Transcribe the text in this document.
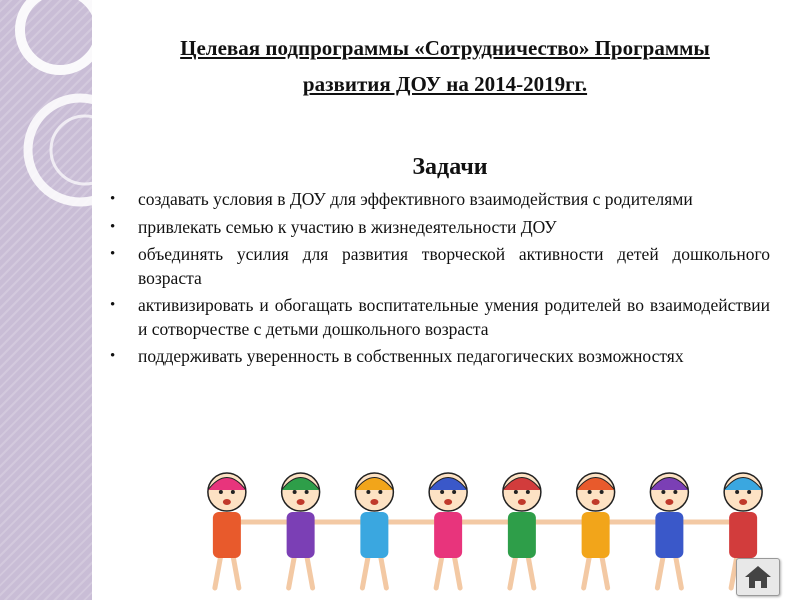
Целевая подпрограммы «Сотрудничество» Программы
развития ДОУ на 2014-2019гг.
Задачи
• создавать условия в ДОУ для эффективного взаимодействия с родителями
• привлекать семью к участию в жизнедеятельности ДОУ
• объединять усилия для развития творческой активности детей дошкольного возраста
• активизировать и обогащать воспитательные умения родителей во взаимодействии и сотворчестве с детьми дошкольного возраста
• поддерживать уверенность в собственных педагогических возможностях
